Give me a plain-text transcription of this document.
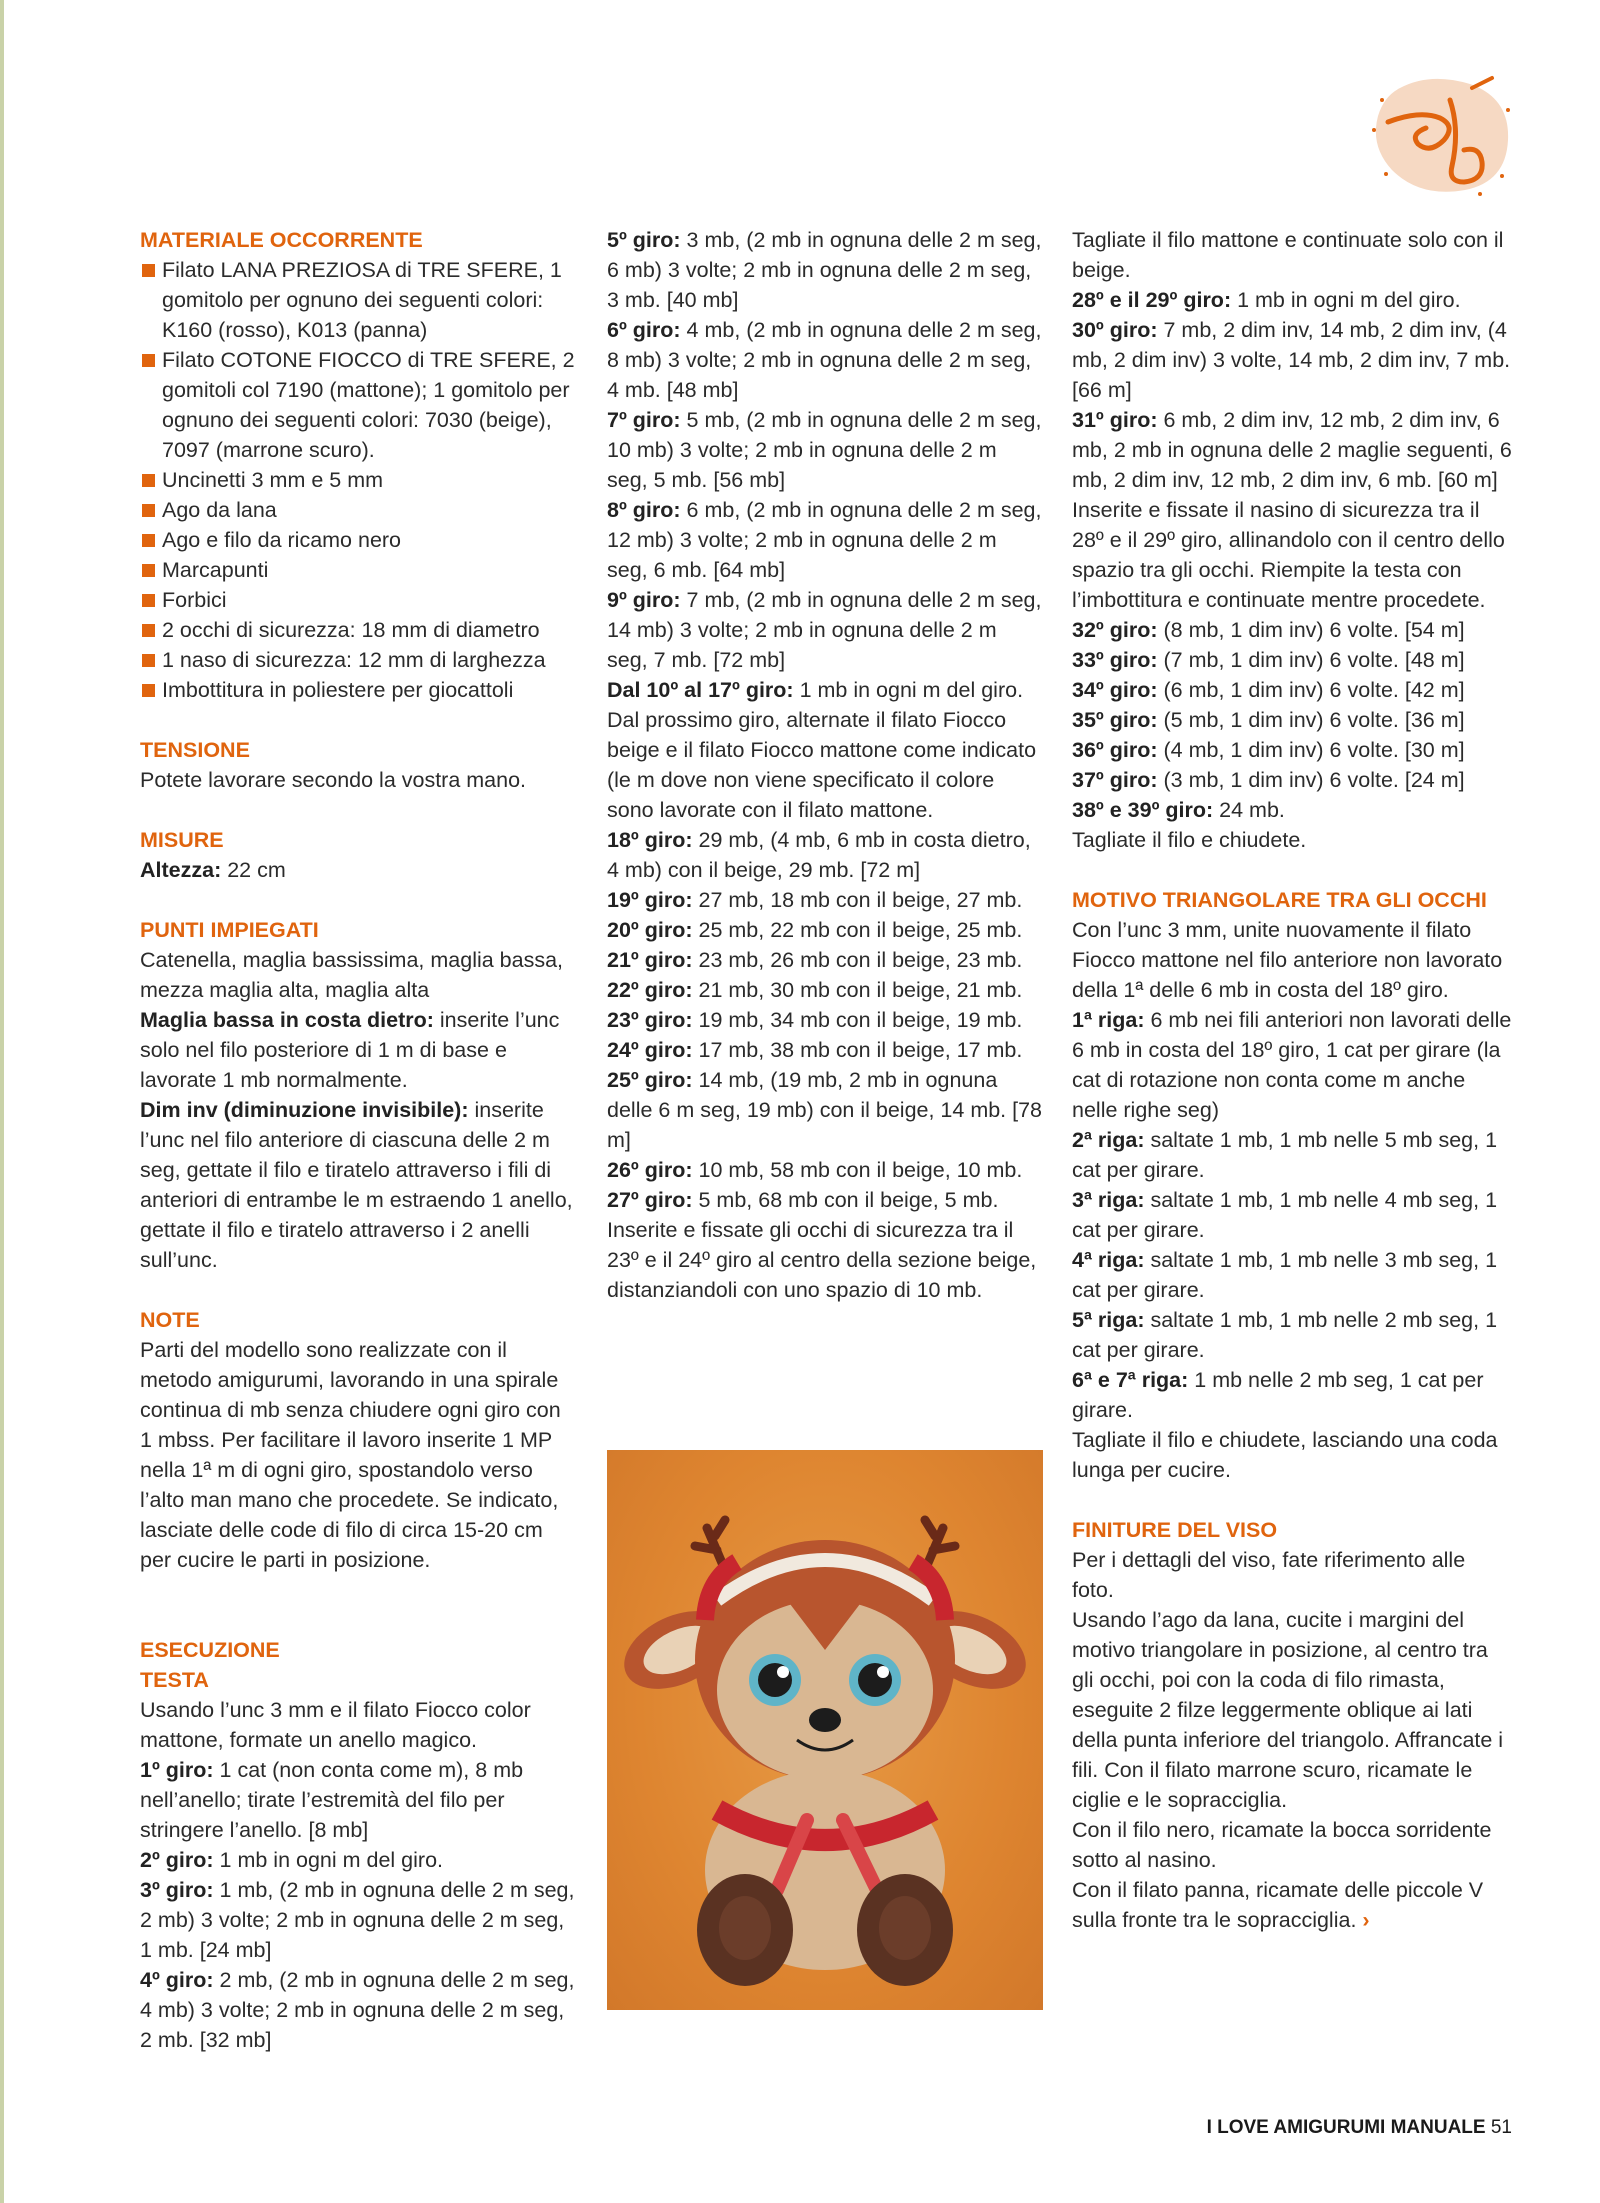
MATERIALE OCCORRENTE
Filato LANA PREZIOSA di TRE SFERE, 1 gomitolo per ognuno dei seguenti colori: K160 (rosso), K013 (panna)
Filato COTONE FIOCCO di TRE SFERE, 2 gomitoli col 7190 (mattone); 1 gomitolo per ognuno dei seguenti colori: 7030 (beige), 7097 (marrone scuro).
Uncinetti 3 mm e 5 mm
Ago da lana
Ago e filo da ricamo nero
Marcapunti
Forbici
2 occhi di sicurezza: 18 mm di diametro
1 naso di sicurezza: 12 mm di larghezza
Imbottitura in poliestere per giocattoli
TENSIONE

Potete lavorare secondo la vostra mano.

MISURE

Altezza: 22 cm

PUNTI IMPIEGATI

Catenella, maglia bassissima, maglia bassa, mezza maglia alta, maglia alta

Maglia bassa in costa dietro: inserite l’unc solo nel filo posteriore di 1 m di base e lavorate 1 mb normalmente.

Dim inv (diminuzione invisibile): inserite l’unc nel filo anteriore di ciascuna delle 2 m seg, gettate il filo e tiratelo attraverso i fili di anteriori di entrambe le m estraendo 1 anello, gettate il filo e tiratelo attraverso i 2 anelli sull’unc.

NOTE

Parti del modello sono realizzate con il metodo amigurumi, lavorando in una spirale continua di mb senza chiudere ogni giro con 1 mbss. Per facilitare il lavoro inserite 1 MP nella 1ª m di ogni giro, spostandolo verso l’alto man mano che procedete. Se indicato, lasciate delle code di filo di circa 15-20 cm per cucire le parti in posizione.

ESECUZIONE
TESTA

Usando l’unc 3 mm e il filato Fiocco color mattone, formate un anello magico.

1º giro: 1 cat (non conta come m), 8 mb nell’anello; tirate l’estremità del filo per stringere l’anello. [8 mb]

2º giro: 1 mb in ogni m del giro.

3º giro: 1 mb, (2 mb in ognuna delle 2 m seg, 2 mb) 3 volte; 2 mb in ognuna delle 2 m seg, 1 mb. [24 mb]

4º giro: 2 mb, (2 mb in ognuna delle 2 m seg, 4 mb) 3 volte; 2 mb in ognuna delle 2 m seg, 2 mb. [32 mb]

5º giro: 3 mb, (2 mb in ognuna delle 2 m seg, 6 mb) 3 volte; 2 mb in ognuna delle 2 m seg, 3 mb. [40 mb]

6º giro: 4 mb, (2 mb in ognuna delle 2 m seg, 8 mb) 3 volte; 2 mb in ognuna delle 2 m seg, 4 mb. [48 mb]

7º giro: 5 mb, (2 mb in ognuna delle 2 m seg, 10 mb) 3 volte; 2 mb in ognuna delle 2 m seg, 5 mb. [56 mb]

8º giro: 6 mb, (2 mb in ognuna delle 2 m seg, 12 mb) 3 volte; 2 mb in ognuna delle 2 m seg, 6 mb. [64 mb]

9º giro: 7 mb, (2 mb in ognuna delle 2 m seg, 14 mb) 3 volte; 2 mb in ognuna delle 2 m seg, 7 mb. [72 mb]

Dal 10º al 17º giro: 1 mb in ogni m del giro. Dal prossimo giro, alternate il filato Fiocco beige e il filato Fiocco mattone come indicato (le m dove non viene specificato il colore sono lavorate con il filato mattone.

18º giro: 29 mb, (4 mb, 6 mb in costa dietro, 4 mb) con il beige, 29 mb. [72 m]

19º giro: 27 mb, 18 mb con il beige, 27 mb.

20º giro: 25 mb, 22 mb con il beige, 25 mb.

21º giro: 23 mb, 26 mb con il beige, 23 mb.

22º giro: 21 mb, 30 mb con il beige, 21 mb.

23º giro: 19 mb, 34 mb con il beige, 19 mb.

24º giro: 17 mb, 38 mb con il beige, 17 mb.

25º giro: 14 mb, (19 mb, 2 mb in ognuna delle 6 m seg, 19 mb) con il beige, 14 mb. [78 m]

26º giro: 10 mb, 58 mb con il beige, 10 mb.

27º giro: 5 mb, 68 mb con il beige, 5 mb.

Inserite e fissate gli occhi di sicurezza tra il 23º e il 24º giro al centro della sezione beige, distanziandoli con uno spazio di 10 mb.

Tagliate il filo mattone e continuate solo con il beige.

28º e il 29º giro: 1 mb in ogni m del giro.

30º giro: 7 mb, 2 dim inv, 14 mb, 2 dim inv, (4 mb, 2 dim inv) 3 volte, 14 mb, 2 dim inv, 7 mb. [66 m]

31º giro: 6 mb, 2 dim inv, 12 mb, 2 dim inv, 6 mb, 2 mb in ognuna delle 2 maglie seguenti, 6 mb, 2 dim inv, 12 mb, 2 dim inv, 6 mb. [60 m]

Inserite e fissate il nasino di sicurezza tra il 28º e il 29º giro, allinandolo con il centro dello spazio tra gli occhi. Riempite la testa con l’imbottitura e continuate mentre procedete.

32º giro: (8 mb, 1 dim inv) 6 volte. [54 m]

33º giro: (7 mb, 1 dim inv) 6 volte. [48 m]

34º giro: (6 mb, 1 dim inv) 6 volte. [42 m]

35º giro: (5 mb, 1 dim inv) 6 volte. [36 m]

36º giro: (4 mb, 1 dim inv) 6 volte. [30 m]

37º giro: (3 mb, 1 dim inv) 6 volte. [24 m]

38º e 39º giro: 24 mb.

Tagliate il filo e chiudete.

MOTIVO TRIANGOLARE TRA GLI OCCHI

Con l’unc 3 mm, unite nuovamente il filato Fiocco mattone nel filo anteriore non lavorato della 1ª delle 6 mb in costa del 18º giro.

1ª riga: 6 mb nei fili anteriori non lavorati delle 6 mb in costa del 18º giro, 1 cat per girare (la cat di rotazione non conta come m anche nelle righe seg)

2ª riga: saltate 1 mb, 1 mb nelle 5 mb seg, 1 cat per girare.

3ª riga: saltate 1 mb, 1 mb nelle 4 mb seg, 1 cat per girare.

4ª riga: saltate 1 mb, 1 mb nelle 3 mb seg, 1 cat per girare.

5ª riga: saltate 1 mb, 1 mb nelle 2 mb seg, 1 cat per girare.

6ª e 7ª riga: 1 mb nelle 2 mb seg, 1 cat per girare.

Tagliate il filo e chiudete, lasciando una coda lunga per cucire.

FINITURE DEL VISO

Per i dettagli del viso, fate riferimento alle foto.

Usando l’ago da lana, cucite i margini del motivo triangolare in posizione, al centro tra gli occhi, poi con la coda di filo rimasta, eseguite 2 filze leggermente oblique ai lati della punta inferiore del triangolo. Affrancate i fili. Con il filato marrone scuro, ricamate le ciglie e le sopracciglia.

Con il filo nero, ricamate la bocca sorridente sotto al nasino.

Con il filato panna, ricamate delle piccole V sulla fronte tra le sopracciglia. ›

I LOVE AMIGURUMI MANUALE 51
